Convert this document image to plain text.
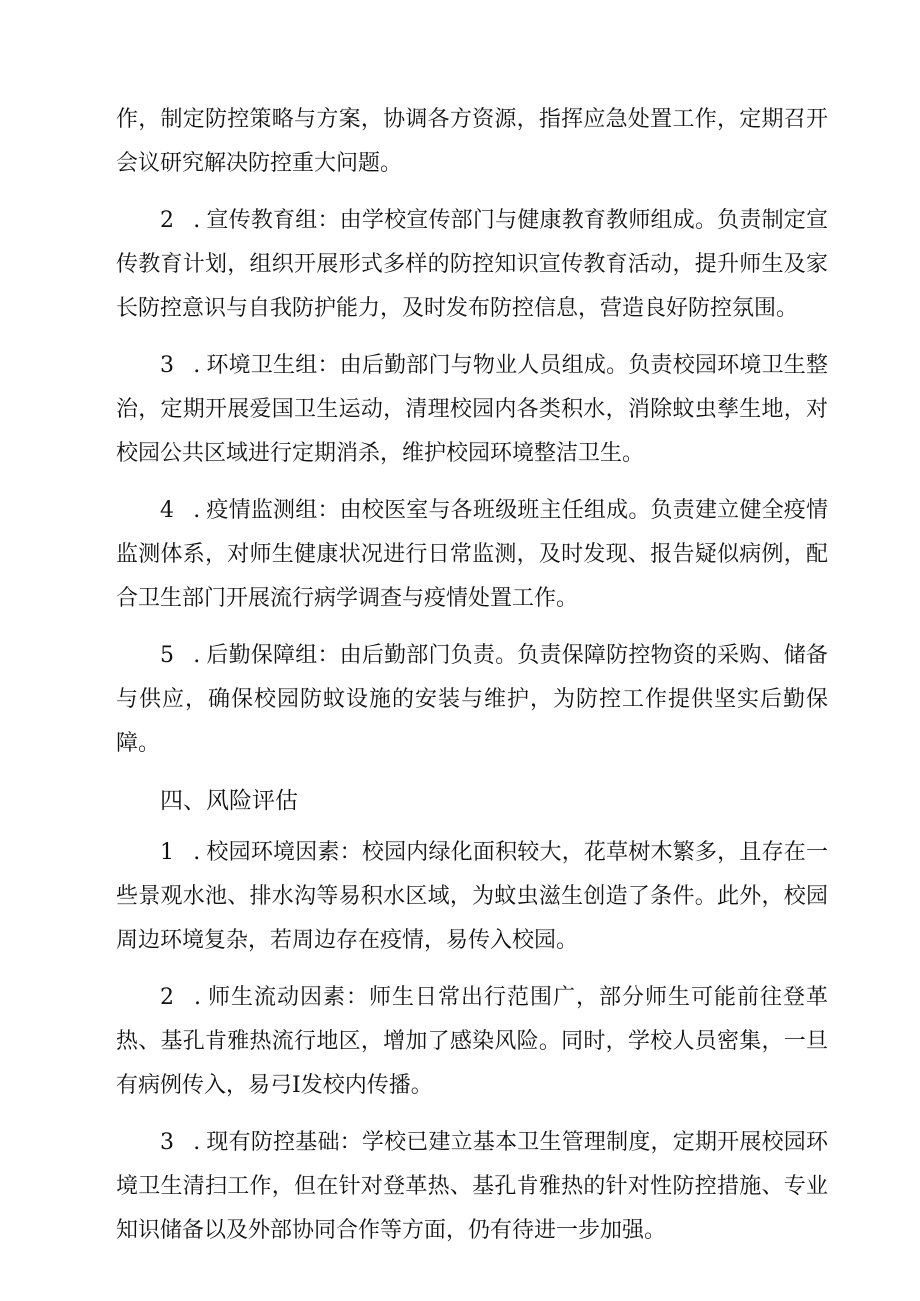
作，制定防控策略与方案，协调各方资源，指挥应急处置工作，定期召开会议研究解决防控重大问题。

2 .宣传教育组：由学校宣传部门与健康教育教师组成。负责制定宣传教育计划，组织开展形式多样的防控知识宣传教育活动，提升师生及家长防控意识与自我防护能力，及时发布防控信息，营造良好防控氛围。

3 .环境卫生组：由后勤部门与物业人员组成。负责校园环境卫生整治，定期开展爱国卫生运动，清理校园内各类积水，消除蚊虫孳生地，对校园公共区域进行定期消杀，维护校园环境整洁卫生。

4 .疫情监测组：由校医室与各班级班主任组成。负责建立健全疫情监测体系，对师生健康状况进行日常监测，及时发现、报告疑似病例，配合卫生部门开展流行病学调查与疫情处置工作。

5 .后勤保障组：由后勤部门负责。负责保障防控物资的采购、储备与供应，确保校园防蚊设施的安装与维护，为防控工作提供坚实后勤保障。

四、风险评估

1 .校园环境因素：校园内绿化面积较大，花草树木繁多，且存在一些景观水池、排水沟等易积水区域，为蚊虫滋生创造了条件。此外，校园周边环境复杂，若周边存在疫情，易传入校园。

2 .师生流动因素：师生日常出行范围广，部分师生可能前往登革热、基孔肯雅热流行地区，增加了感染风险。同时，学校人员密集，一旦有病例传入，易弓I发校内传播。

3 .现有防控基础：学校已建立基本卫生管理制度，定期开展校园环境卫生清扫工作，但在针对登革热、基孔肯雅热的针对性防控措施、专业知识储备以及外部协同合作等方面，仍有待进一步加强。
